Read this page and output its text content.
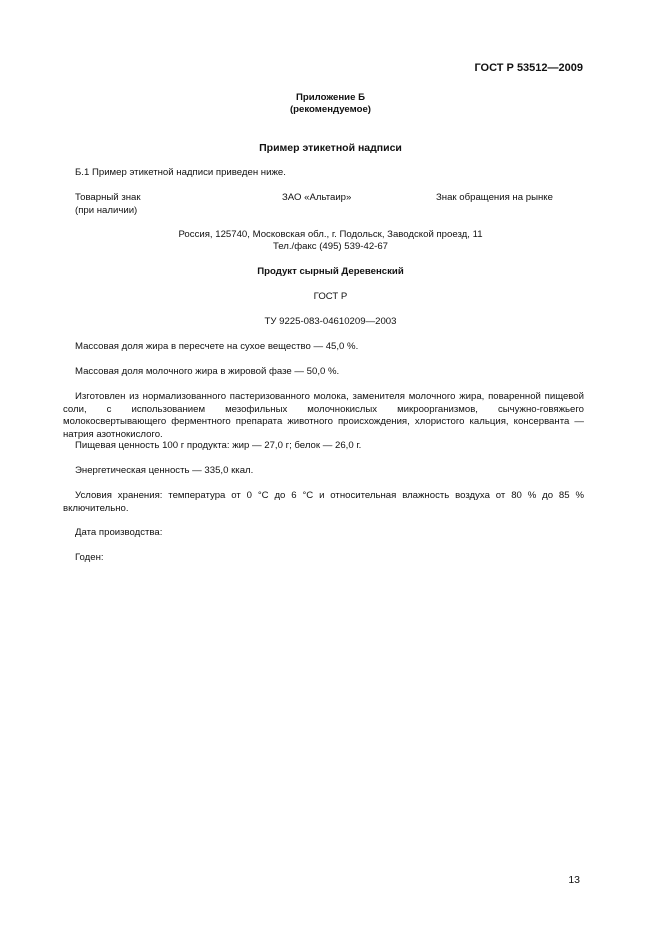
ГОСТ Р 53512—2009
Приложение Б
(рекомендуемое)
Пример этикетной надписи
Б.1 Пример этикетной надписи приведен ниже.
Товарный знак
(при наличии)
ЗАО «Альтаир»	Знак обращения на рынке
Россия, 125740, Московская обл., г. Подольск, Заводской проезд, 11
Тел./факс (495) 539-42-67
Продукт сырный Деревенский
ГОСТ Р
ТУ 9225-083-04610209—2003
Массовая доля жира в пересчете на сухое вещество — 45,0 %.
Массовая доля молочного жира в жировой фазе — 50,0 %.
Изготовлен из нормализованного пастеризованного молока, заменителя молочного жира, поваренной пищевой соли, с использованием мезофильных молочнокислых микроорганизмов, сычужно-говяжьего молокосвертывающего ферментного препарата животного происхождения, хлористого кальция, консерванта — натрия азотнокислого.
Пищевая ценность 100 г продукта: жир — 27,0 г; белок — 26,0 г.
Энергетическая ценность — 335,0 ккал.
Условия хранения: температура от 0 °С до 6 °С и относительная влажность воздуха от 80 % до 85 % включительно.
Дата производства:
Годен:
13
